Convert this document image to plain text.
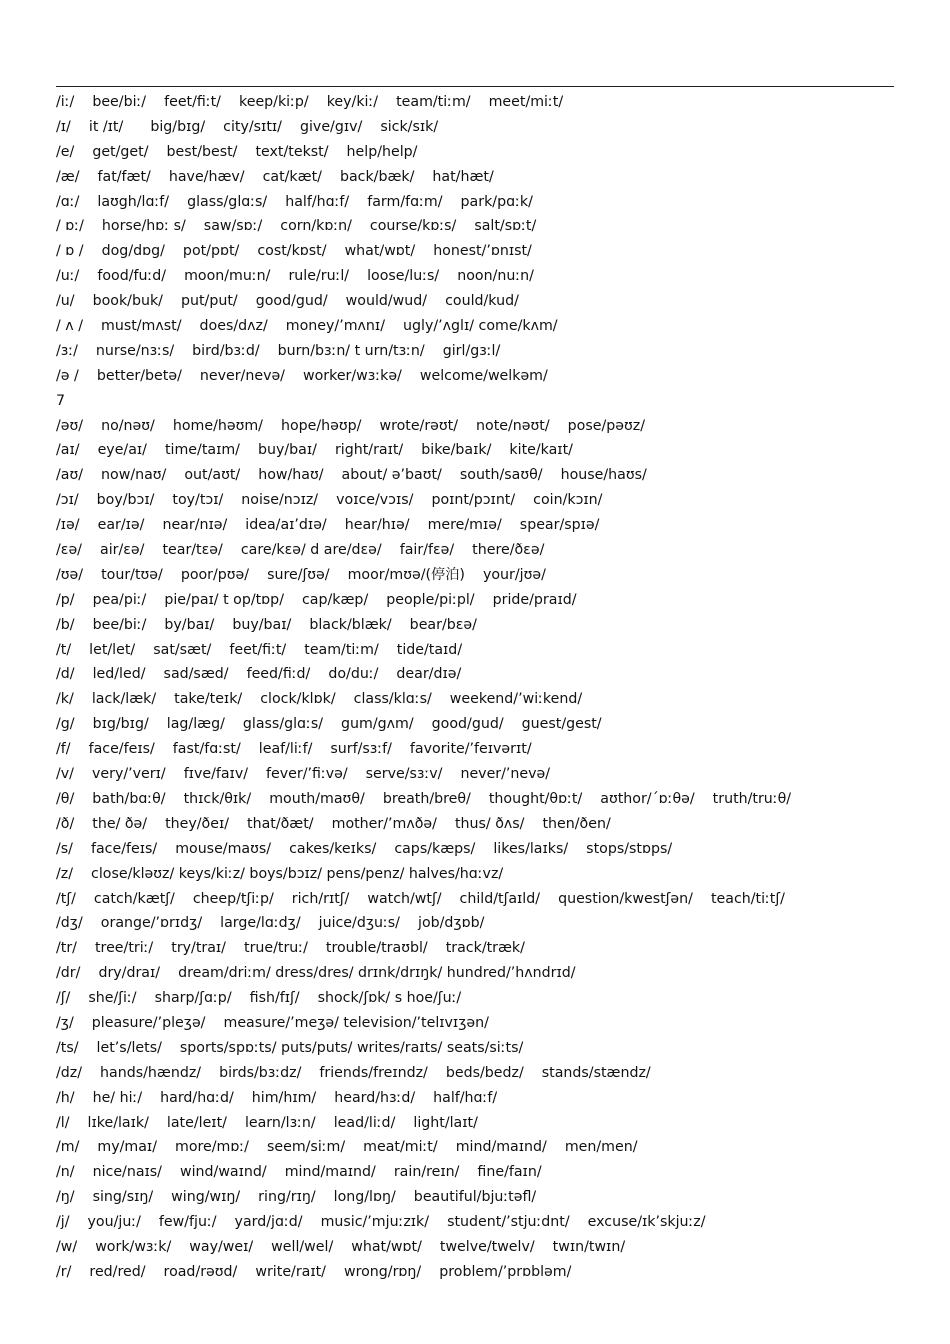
/iː/    bee/biː/    feet/fiːt/    keep/kiːp/    key/kiː/    team/tiːm/    meet/miːt/
/ɪ/    it /ɪt/      big/bɪg/    city/sɪtɪ/    give/gɪv/    sick/sɪk/
/e/    get/get/    best/best/    text/tekst/    help/help/
/æ/    fat/fæt/    have/hæv/    cat/kæt/    back/bæk/    hat/hæt/
/ɑː/    laʊgh/lɑːf/    glass/glɑːs/    half/hɑːf/    farm/fɑːm/    park/pɑːk/
/ ɒː/    horse/hɒː s/    saw/sɒː/    corn/kɒːn/    course/kɒːs/    salt/sɒːt/
/ ɒ /    dog/dɒg/    pot/pɒt/    cost/kɒst/    what/wɒt/    honest/’ɒnɪst/
/uː/    food/fuːd/    moon/muːn/    rule/ruːl/    loose/luːs/    noon/nuːn/
/u/    book/buk/    put/put/    good/gud/    would/wud/    could/kud/
/ ʌ /    must/mʌst/    does/dʌz/    money/’mʌnɪ/    ugly/’ʌglɪ/ come/kʌm/
/ɜː/    nurse/nɜːs/    bird/bɜːd/    burn/bɜːn/ t urn/tɜːn/    girl/gɜːl/
/ə /    better/betə/    never/nevə/    worker/wɜːkə/    welcome/welkəm/
7
/əʊ/    no/nəʊ/    home/həʊm/    hope/həʊp/    wrote/rəʊt/    note/nəʊt/    pose/pəʊz/
/aɪ/    eye/aɪ/    time/taɪm/    buy/baɪ/    right/raɪt/    bike/baɪk/    kite/kaɪt/
/aʊ/    now/naʊ/    out/aʊt/    how/haʊ/    about/ ə’baʊt/    south/saʊθ/    house/haʊs/
/ɔɪ/    boy/bɔɪ/    toy/tɔɪ/    noise/nɔɪz/    voɪce/vɔɪs/    poɪnt/pɔɪnt/    coin/kɔɪn/
/ɪə/    ear/ɪə/    near/nɪə/    idea/aɪ’dɪə/    hear/hɪə/    mere/mɪə/    spear/spɪə/
/ɛə/    air/ɛə/    tear/tɛə/    care/kɛə/ d are/dɛə/    fair/fɛə/    there/ðɛə/
/ʊə/    tour/tʊə/    poor/pʊə/    sure/ʃʊə/    moor/mʊə/(停泊)    your/jʊə/
/p/    pea/piː/    pie/paɪ/ t op/tɒp/    cap/kæp/    people/piːpl/    pride/praɪd/
/b/    bee/biː/    by/baɪ/    buy/baɪ/    black/blæk/    bear/bɛə/
/t/    let/let/    sat/sæt/    feet/fiːt/    team/tiːm/    tide/taɪd/
/d/    led/led/    sad/sæd/    feed/fiːd/    do/duː/    dear/dɪə/
/k/    lack/læk/    take/teɪk/    clock/klɒk/    class/klɑːs/    weekend/’wiːkend/
/g/    bɪg/bɪg/    lag/læg/    glass/glɑːs/    gum/gʌm/    good/gud/    guest/gest/
/f/    face/feɪs/    fast/fɑːst/    leaf/liːf/    surf/sɜːf/    favorite/’feɪvərɪt/
/v/    very/’verɪ/    fɪve/faɪv/    fever/’fiːvə/    serve/sɜːv/    never/’nevə/
/θ/    bath/bɑːθ/    thɪck/θɪk/    mouth/maʊθ/    breath/breθ/    thought/θɒːt/    aʊthor/΄ɒːθə/    truth/truːθ/
/ð/    the/ ðə/    they/ðeɪ/    that/ðæt/    mother/’mʌðə/    thus/ ðʌs/    then/ðen/
/s/    face/feɪs/    mouse/maʊs/    cakes/keɪks/    caps/kæps/    likes/laɪks/    stops/stɒps/
/z/    close/kləʊz/ keys/kiːz/ boys/bɔɪz/ pens/penz/ halves/hɑːvz/
/tʃ/    catch/kætʃ/    cheep/tʃiːp/    rich/rɪtʃ/    watch/wtʃ/    child/tʃaɪld/    question/kwestʃən/    teach/tiːtʃ/
/dʒ/    orange/’ɒrɪdʒ/    large/lɑːdʒ/    juice/dʒuːs/    job/dʒɒb/
/tr/    tree/triː/    try/traɪ/    true/truː/    trouble/traʊbl/    track/træk/
/dr/    dry/draɪ/    dream/driːm/ dress/dres/ drɪnk/drɪŋk/ hundred/’hʌndrɪd/
/ʃ/    she/ʃiː/    sharp/ʃɑːp/    fish/fɪʃ/    shock/ʃɒk/ s hoe/ʃuː/
/ʒ/    pleasure/’pleʒə/    measure/’meʒə/ television/’telɪvɪʒən/
/ts/    let’s/lets/    sports/spɒːts/ puts/puts/ writes/raɪts/ seats/siːts/
/dz/    hands/hændz/    birds/bɜːdz/    friends/freɪndz/    beds/bedz/    stands/stændz/
/h/    he/ hiː/    hard/hɑːd/    him/hɪm/    heard/hɜːd/    half/hɑːf/
/l/    lɪke/laɪk/    late/leɪt/    learn/lɜːn/    lead/liːd/    light/laɪt/
/m/    my/maɪ/    more/mɒː/    seem/siːm/    meat/miːt/    mind/maɪnd/    men/men/
/n/    nice/naɪs/    wind/waɪnd/    mind/maɪnd/    rain/reɪn/    fine/faɪn/
/ŋ/    sing/sɪŋ/    wing/wɪŋ/    ring/rɪŋ/    long/lɒŋ/    beautiful/bjuːtəfl/
/j/    you/juː/    few/fjuː/    yard/jɑːd/    music/’mjuːzɪk/    student/’stjuːdnt/    excuse/ɪk’skjuːz/
/w/    work/wɜːk/    way/weɪ/    well/wel/    what/wɒt/    twelve/twelv/    twɪn/twɪn/
/r/    red/red/    road/rəʊd/    write/raɪt/    wrong/rɒŋ/    problem/’prɒbləm/
